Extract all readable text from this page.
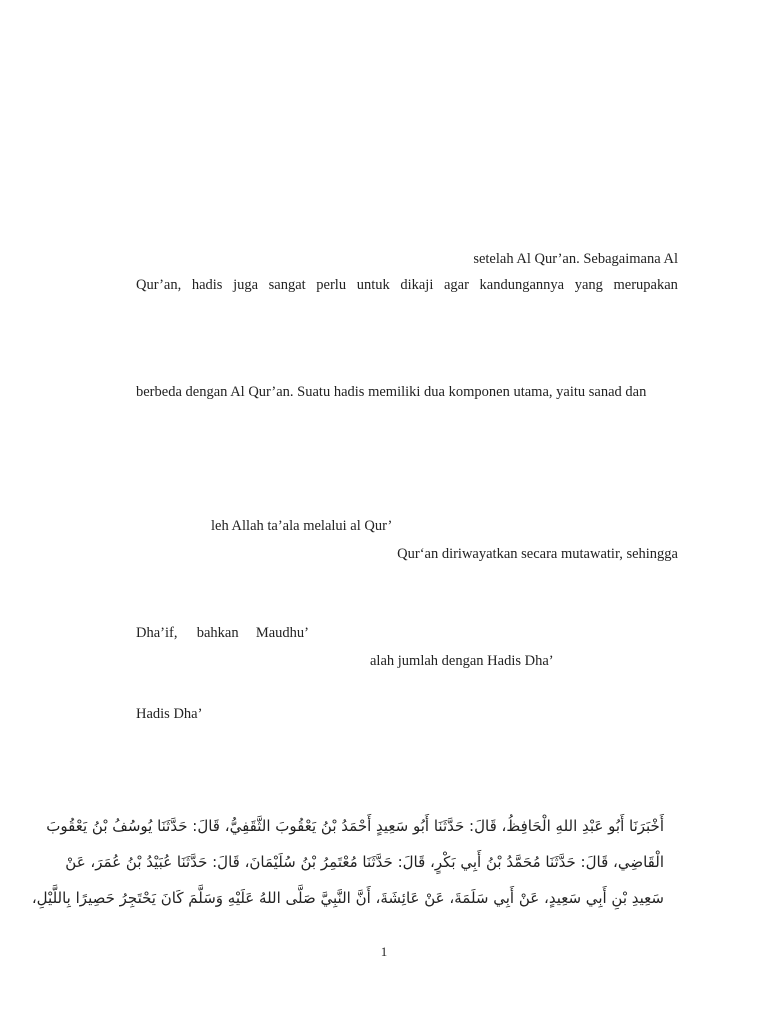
setelah Al Qur’an. Sebagaimana Al
Qur’an, hadis juga sangat perlu untuk dikaji agar kandungannya yang merupakan
berbeda dengan Al Qur’an. Suatu hadis memiliki dua komponen utama, yaitu sanad dan
leh Allah ta’ala melalui al Qur’
Qur‘an diriwayatkan secara mutawatir, sehingga
Dha’if, bahkan Maudhu’
alah jumlah dengan Hadis Dha’
Hadis Dha’
أَخْبَرَنَا أَبُو عَبْدِ اللهِ الْحَافِظُ، قَالَ: حَدَّثَنَا أَبُو سَعِيدٍ أَحْمَدُ بْنُ يَعْقُوبَ الثَّقَفِيُّ، قَالَ: حَدَّثَنَا يُوسُفُ بْنُ يَعْقُوبَ
الْقَاضِي، قَالَ: حَدَّثَنَا مُحَمَّدُ بْنُ أَبِي بَكْرٍ، قَالَ: حَدَّثَنَا مُعْتَمِرُ بْنُ سُلَيْمَانَ، قَالَ: حَدَّثَنَا عُبَيْدُ بْنُ عُمَرَ، عَنْ
سَعِيدِ بْنِ أَبِي سَعِيدٍ، عَنْ أَبِي سَلَمَةَ، عَنْ عَائِشَةَ، أَنَّ النَّبِيَّ صَلَّى اللهُ عَلَيْهِ وَسَلَّمَ كَانَ يَحْتَجِرُ حَصِيرًا بِاللَّيْلِ،
1
